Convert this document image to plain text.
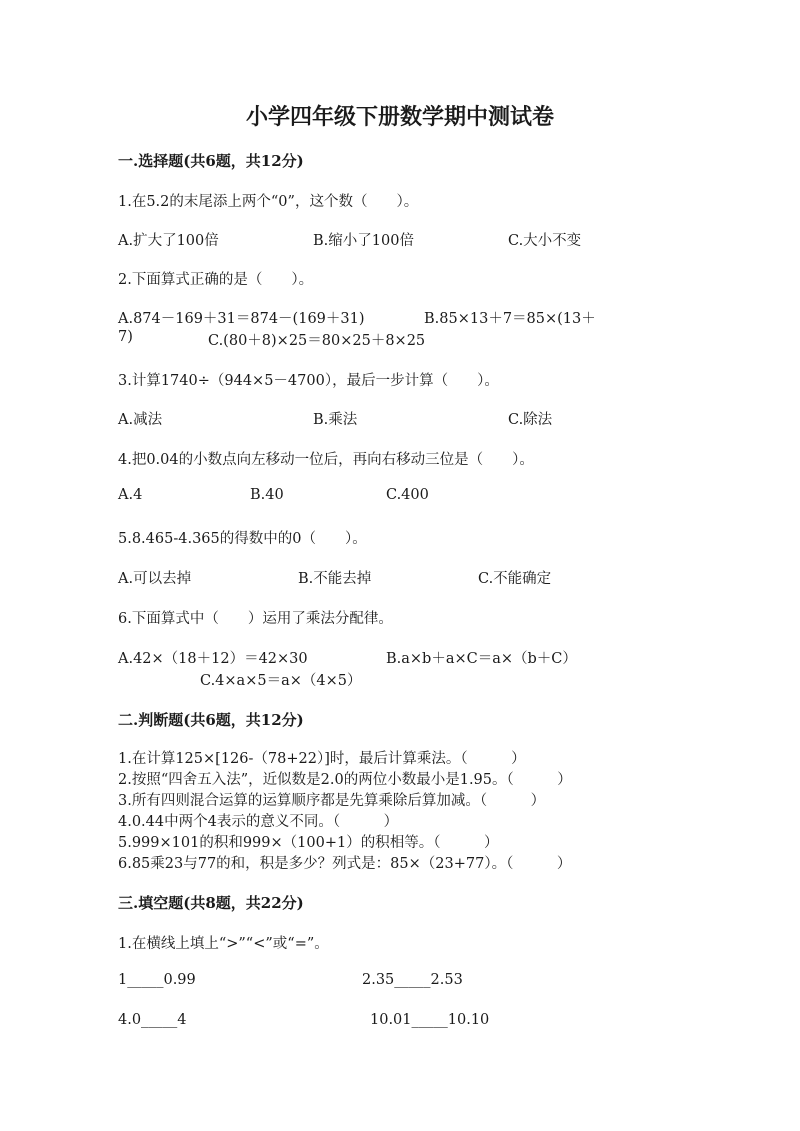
小学四年级下册数学期中测试卷
一.选择题(共6题，共12分)
1.在5.2的末尾添上两个“0”，这个数（　　）。
A.扩大了100倍	B.缩小了100倍	C.大小不变
2.下面算式正确的是（　　）。
A.874－169＋31＝874－(169＋31)	B.85×13＋7＝85×(13＋
7)	C.(80＋8)×25＝80×25＋8×25
3.计算1740÷（944×5－4700），最后一步计算（　　）。
A.减法	B.乘法	C.除法
4.把0.04的小数点向左移动一位后，再向右移动三位是（　　）。
A.4	B.40	C.400
5.8.465-4.365的得数中的0（　　）。
A.可以去掉	B.不能去掉	C.不能确定
6.下面算式中（　　）运用了乘法分配律。
A.42×（18＋12）＝42×30	B.a×b＋a×C＝a×（b＋C）
C.4×a×5＝a×（4×5）
二.判断题(共6题，共12分)
1.在计算125×[126-（78+22）]时，最后计算乘法。（　　　）
2.按照“四舍五入法”，近似数是2.0的两位小数最小是1.95。（　　　）
3.所有四则混合运算的运算顺序都是先算乘除后算加减。（　　　）
4.0.44中两个4表示的意义不同。（　　　）
5.999×101的积和999×（100+1）的积相等。（　　　）
6.85乘23与77的和，积是多少？列式是：85×（23+77）。（　　　）
三.填空题(共8题，共22分)
1.在横线上填上“>”“<”或“=”。
1_____0.99	2.35_____2.53
4.0_____4	10.01_____10.10
